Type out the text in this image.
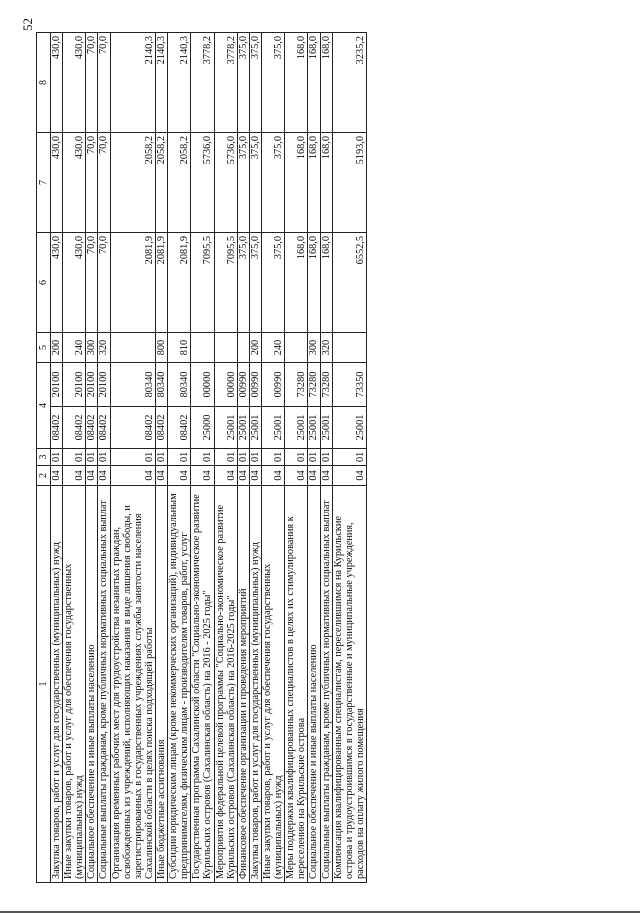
52
1	2	3	4		5	6	7	8
Закупка товаров, работ и услуг для государственных (муниципальных) нужд	04	01	08402	20100	200	430,0	430,0	430,0
Иные закупки товаров, работ и услуг для обеспечения государственных (муниципальных) нужд	04	01	08402	20100	240	430,0	430,0	430,0
Социальное обеспечение и иные выплаты населению	04	01	08402	20100	300	70,0	70,0	70,0
Социальные выплаты гражданам, кроме публичных нормативных социальных выплат	04	01	08402	20100	320	70,0	70,0	70,0
Организация временных рабочих мест для трудоустройства незанятых граждан, освобожденных из учреждений, исполняющих наказания в виде лишения свободы, и зарегистрированных в государственных учреждениях службы занятости населения Сахалинской области в целях поиска подходящей работы	04	01	08402	80340		2081,9	2058,2	2140,3
Иные бюджетные ассигнования	04	01	08402	80340	800	2081,9	2058,2	2140,3
Субсидии юридическим лицам (кроме некоммерческих организаций), индивидуальным предпринимателям, физическим лицам - производителям товаров, работ, услуг	04	01	08402	80340	810	2081,9	2058,2	2140,3
Государственная программа Сахалинской области "Социально-экономическое развитие Курильских островов (Сахалинская область) на 2016 - 2025 годы"	04	01	25000	00000		7095,5	5736,0	3778,2
Мероприятия федеральной целевой программы "Социально-экономическое развитие Курильских островов (Сахалинская область) на 2016-2025 годы"	04	01	25001	00000		7095,5	5736,0	3778,2
Финансовое обеспечение организации и проведения мероприятий	04	01	25001	00990		375,0	375,0	375,0
Закупка товаров, работ и услуг для государственных (муниципальных) нужд	04	01	25001	00990	200	375,0	375,0	375,0
Иные закупки товаров, работ и услуг для обеспечения государственных (муниципальных) нужд	04	01	25001	00990	240	375,0	375,0	375,0
Меры поддержки квалифицированных специалистов в целях их стимулирования к переселению на Курильские острова	04	01	25001	73280		168,0	168,0	168,0
Социальное обеспечение и иные выплаты населению	04	01	25001	73280	300	168,0	168,0	168,0
Социальные выплаты гражданам, кроме публичных нормативных социальных выплат	04	01	25001	73280	320	168,0	168,0	168,0
Компенсация квалифицированным специалистам, переселившимся на Курильские острова и трудоустроившимся в государственные и муниципальные учреждения, расходов на оплату жилого помещения	04	01	25001	73350		6552,5	5193,0	3235,2
